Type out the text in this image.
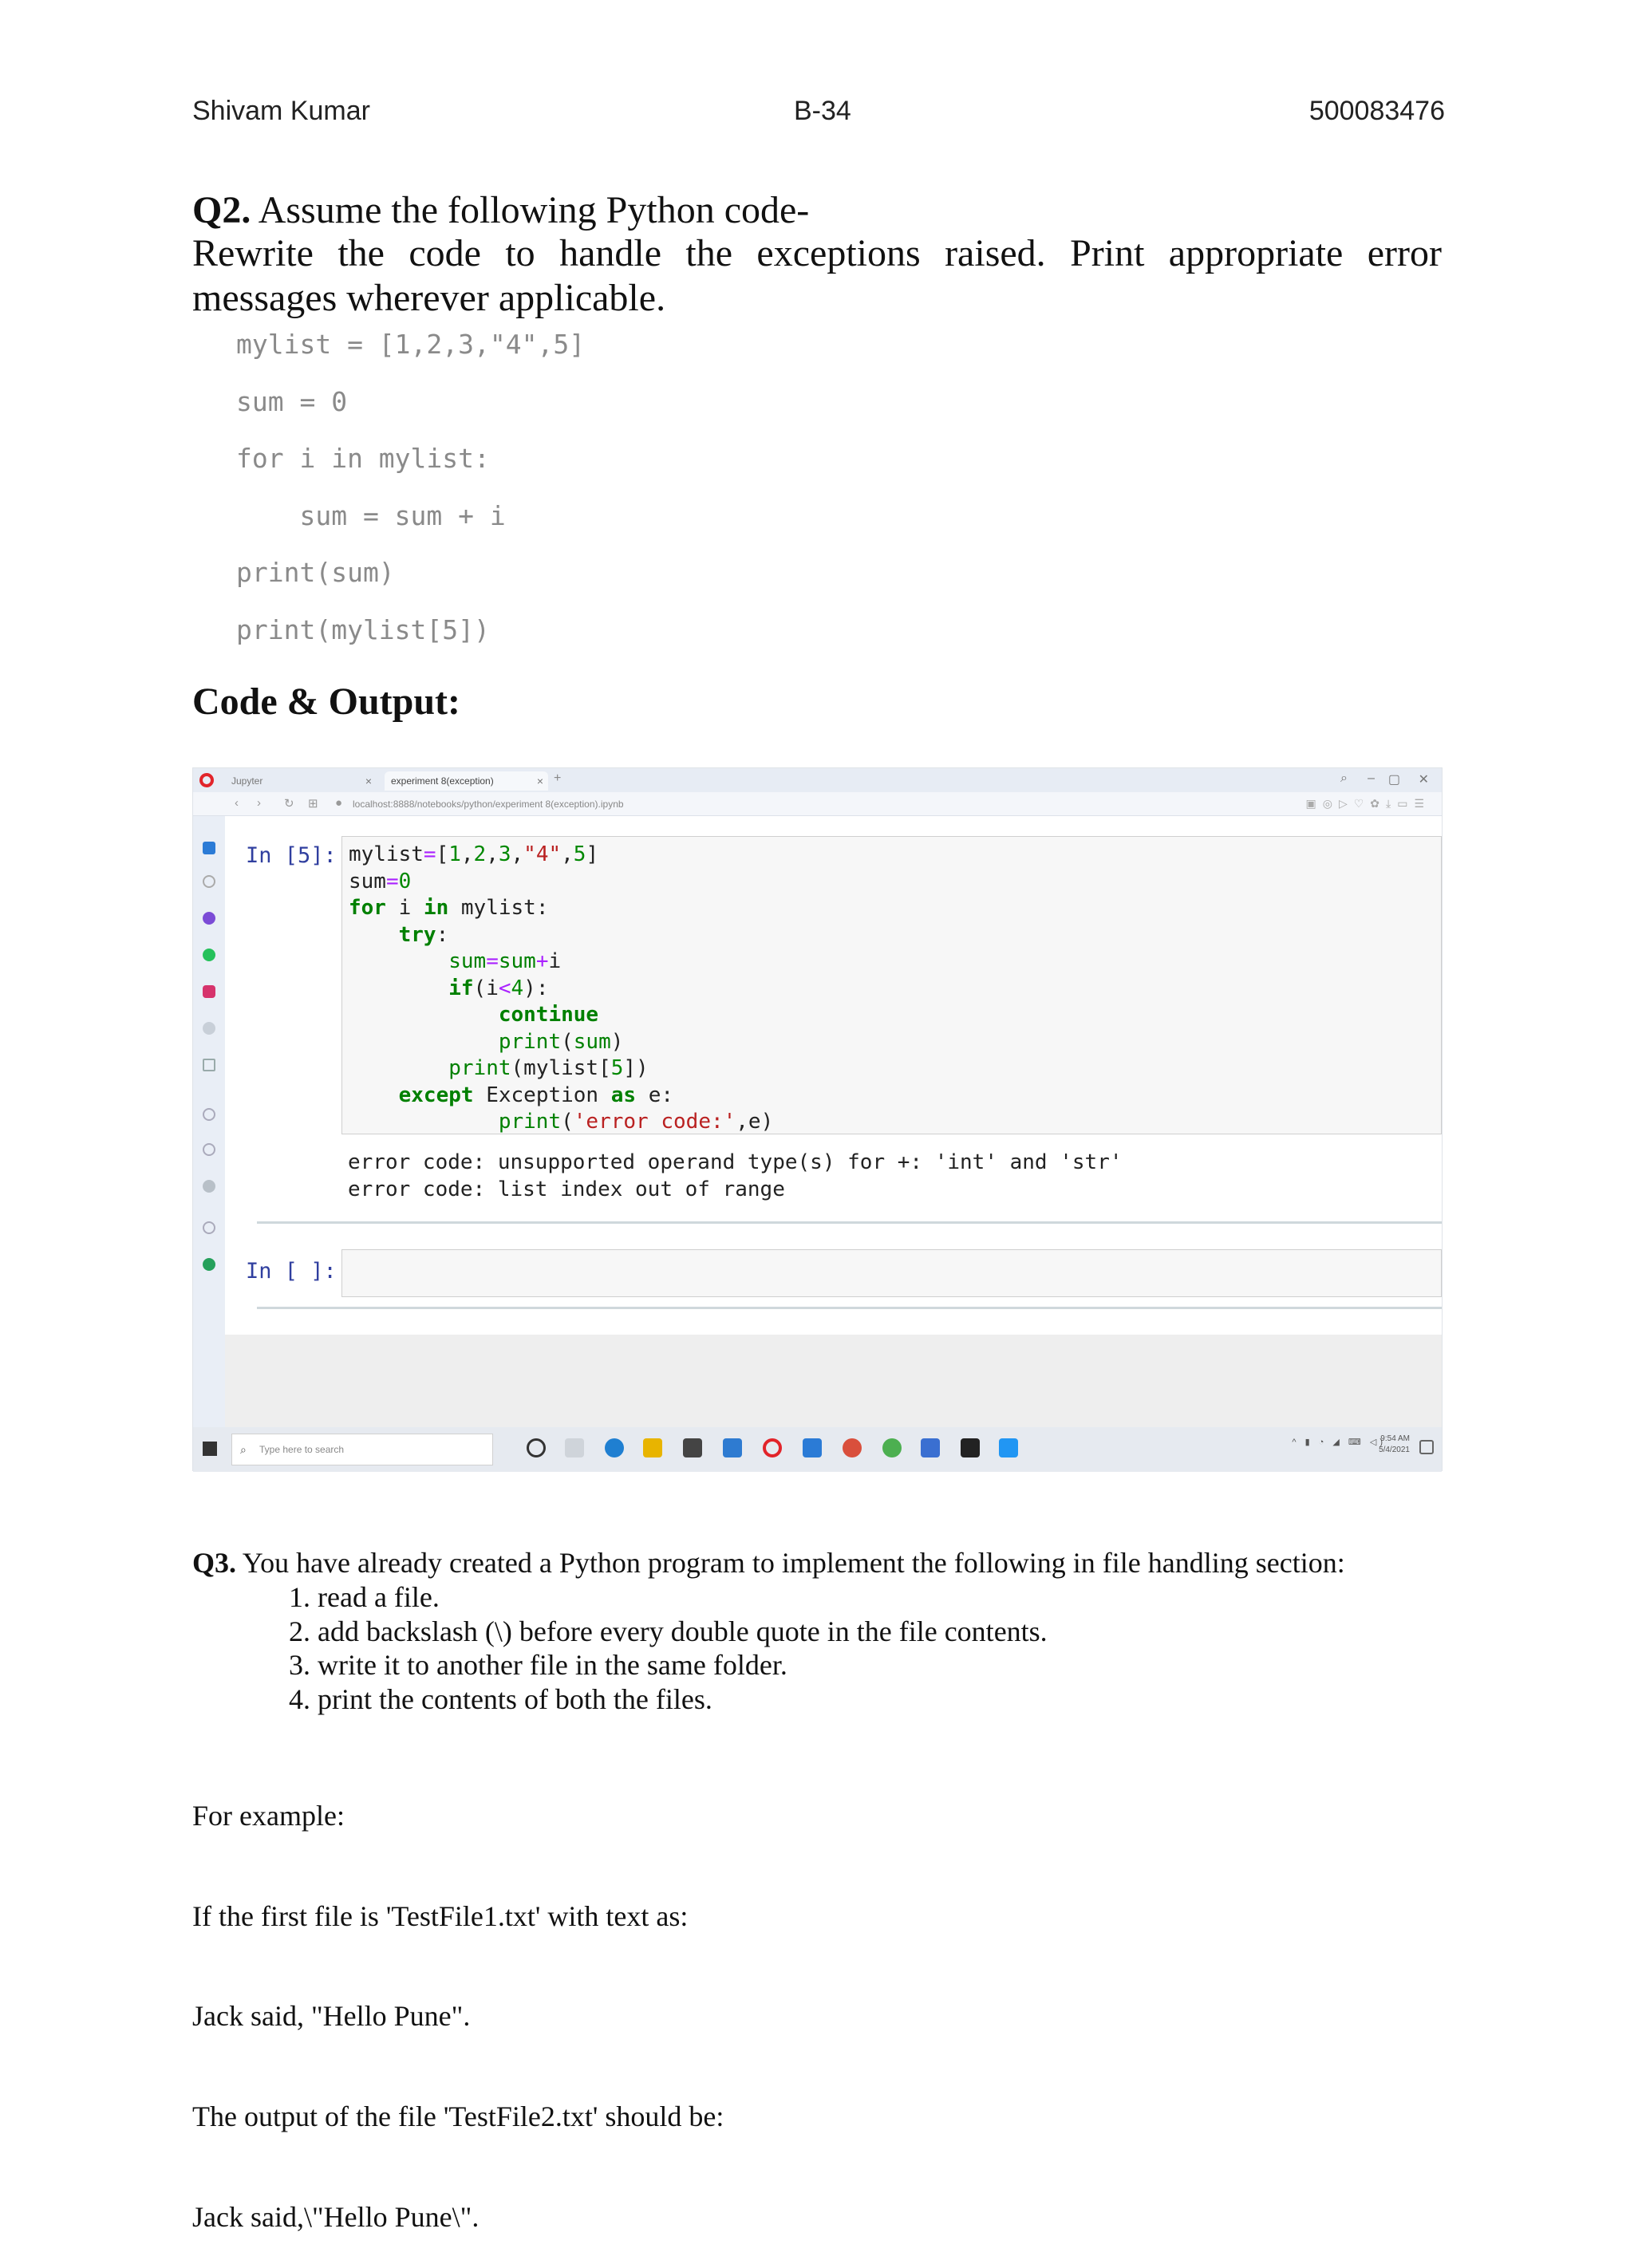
Shivam Kumar	B-34	500083476
Q2. Assume the following Python code-
Rewrite the code to handle the exceptions raised. Print appropriate error messages wherever applicable.
mylist = [1,2,3,"4",5]
sum = 0
for i in mylist:
sum = sum + i
print(sum)
print(mylist[5])
Code & Output:
Jupyter	×	experiment 8(exception)	× +	⌕ – ▢ ✕
‹ › ↻ ⊞ ● localhost:8888/notebooks/python/experiment 8(exception).ipynb	▣◎▷♡✿⤓▭☰
In [5]: mylist=[1,2,3,"4",5]
sum=0
for i in mylist:
try:
sum=sum+i
if(i<4):
continue
print(sum)
print(mylist[5])
except Exception as e:
print('error code:',e)
error code: unsupported operand type(s) for +: 'int' and 'str'
error code: list index out of range
In [ ]:
⌕ Type here to search
^ ▮ ◔ ◢ ⌨ ◁)
9:54 AM
5/4/2021
Q3. You have already created a Python program to implement the following in file handling section:
1. read a file.
2. add backslash (\) before every double quote in the file contents.
3. write it to another file in the same folder.
4. print the contents of both the files.

For example:

If the first file is 'TestFile1.txt' with text as:

Jack said, "Hello Pune".

The output of the file 'TestFile2.txt' should be:

Jack said,\"Hello Pune\".
